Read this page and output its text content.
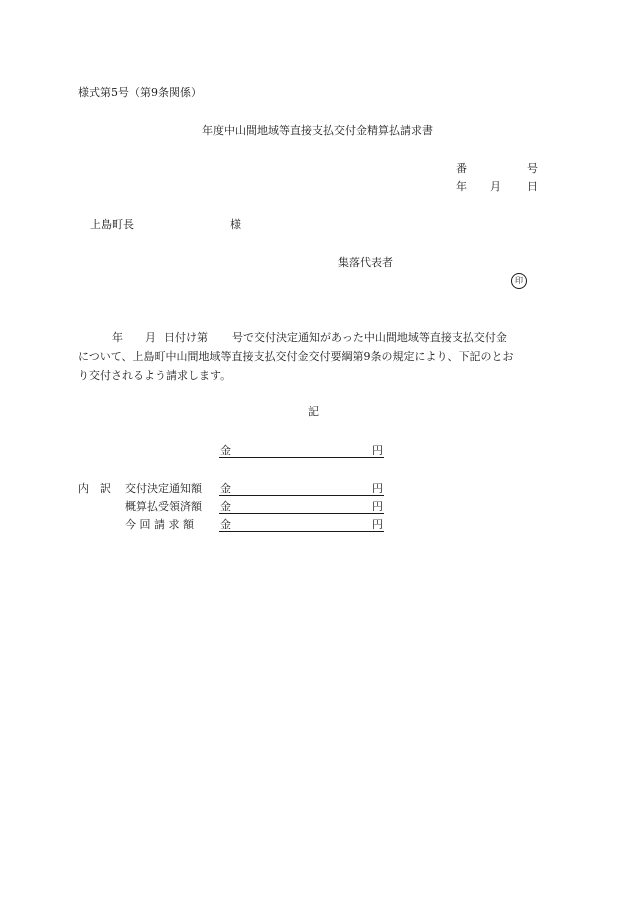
様式第5号（第9条関係）
年度中山間地域等直接支払交付金精算払請求書
番	号
年 月 日
上島町長	様
集落代表者
印
年 月 日付け第 号で交付決定通知があった中山間地域等直接支払交付金
について、上島町中山間地域等直接支払交付金交付要綱第9条の規定により、下記のとお
り交付されるよう請求します。
記
金	円
内　訳 交付決定通知額 金	円
概算払受領済額 金	円
今 回 請 求 額 金	円
